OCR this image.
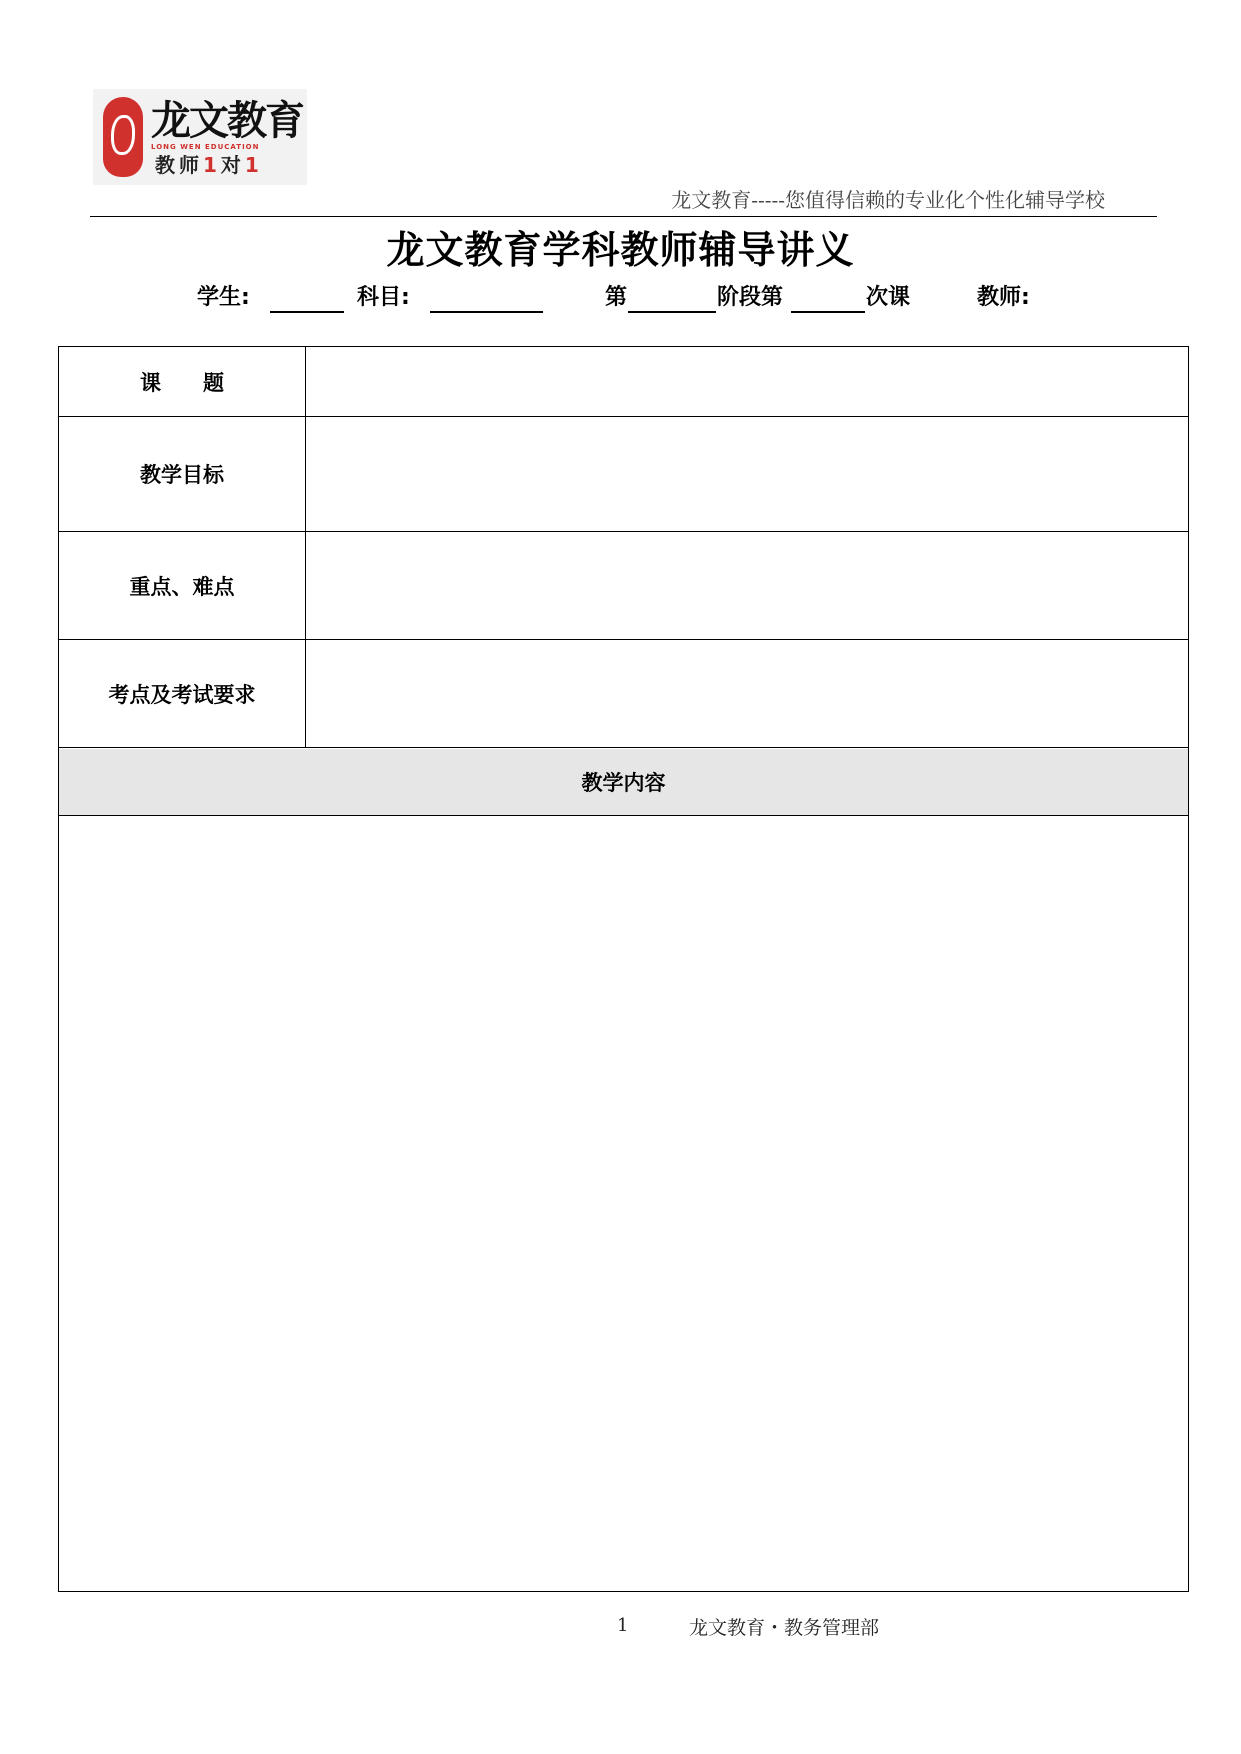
龙文教育
LONG WEN EDUCATION
教师1对1
龙文教育-----您值得信赖的专业化个性化辅导学校
龙文教育学科教师辅导讲义
学生:	科目:	第	阶段第	次课	教师:
课　　题
教学目标
重点、难点
考点及考试要求
教学内容
1	龙文教育・教务管理部
